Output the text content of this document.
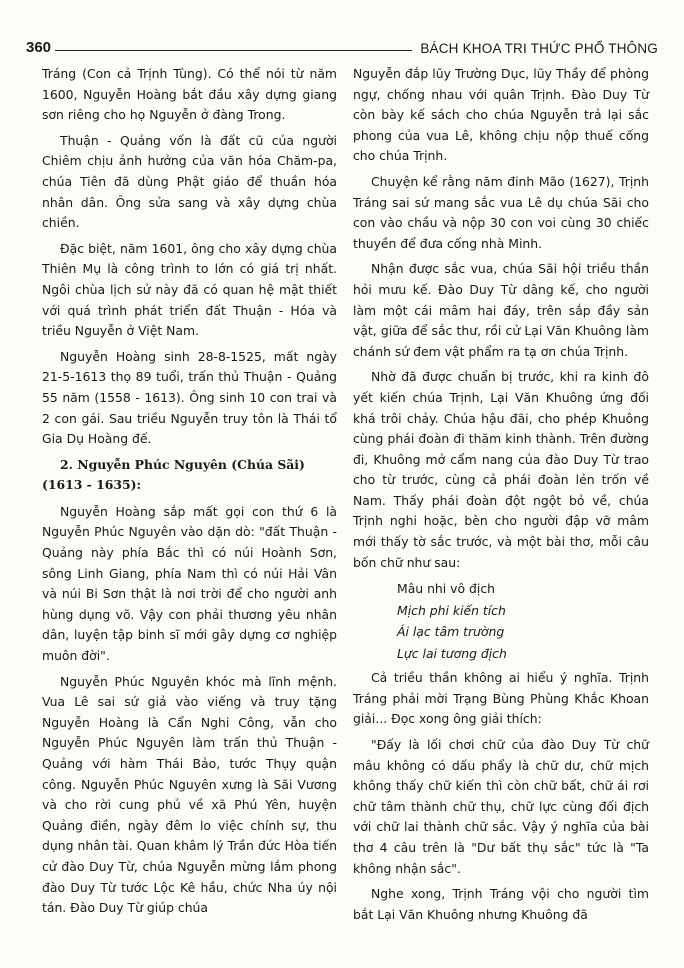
360	BÁCH KHOA TRI THỨC PHỔ THÔNG

Tráng (Con cả Trịnh Tùng). Có thể nói từ năm 1600, Nguyễn Hoàng bắt đầu xây dựng giang sơn riêng cho họ Nguyễn ở đàng Trong.

Thuận - Quảng vốn là đất cũ của người Chiêm chịu ảnh hưởng của văn hóa Chăm-pa, chúa Tiên đã dùng Phật giáo để thuần hóa nhân dân. Ông sửa sang và xây dựng chùa chiền.

Đặc biệt, năm 1601, ông cho xây dựng chùa Thiên Mụ là công trình to lớn có giá trị nhất. Ngôi chùa lịch sử này đã có quan hệ mật thiết với quá trình phát triển đất Thuận - Hóa và triều Nguyễn ở Việt Nam.

Nguyễn Hoàng sinh 28-8-1525, mất ngày 21-5-1613 thọ 89 tuổi, trấn thủ Thuận - Quảng 55 năm (1558 - 1613). Ông sinh 10 con trai và 2 con gái. Sau triều Nguyễn truy tôn là Thái tổ Gia Dụ Hoàng đế.

2. Nguyễn Phúc Nguyên (Chúa Sãi) (1613 - 1635):

Nguyễn Hoàng sắp mất gọi con thứ 6 là Nguyễn Phúc Nguyên vào dặn dò: "đất Thuận - Quảng này phía Bắc thì có núi Hoành Sơn, sông Linh Giang, phía Nam thì có núi Hải Vân và núi Bi Sơn thật là nơi trời để cho người anh hùng dụng võ. Vậy con phải thương yêu nhân dân, luyện tập binh sĩ mới gây dựng cơ nghiệp muôn đời".

Nguyễn Phúc Nguyên khóc mà lĩnh mệnh. Vua Lê sai sứ giả vào viếng và truy tặng Nguyễn Hoàng là Cẩn Nghi Công, vẫn cho Nguyễn Phúc Nguyên làm trấn thủ Thuận - Quảng với hàm Thái Bảo, tước Thụy quận công. Nguyễn Phúc Nguyên xưng là Sãi Vương và cho rời cung phủ về xã Phú Yên, huyện Quảng điền, ngày đêm lo việc chính sự, thu dụng nhân tài. Quan khâm lý Trần đức Hòa tiến cử đào Duy Từ, chúa Nguyễn mừng lắm phong đào Duy Từ tước Lộc Kê hầu, chức Nha úy nội tán. Đào Duy Từ giúp chúa

Nguyễn đắp lũy Trường Dục, lũy Thầy để phòng ngự, chống nhau với quân Trịnh. Đào Duy Từ còn bày kế sách cho chúa Nguyễn trả lại sắc phong của vua Lê, không chịu nộp thuế cống cho chúa Trịnh.

Chuyện kể rằng năm đinh Mão (1627), Trịnh Tráng sai sứ mang sắc vua Lê dụ chúa Sãi cho con vào chầu và nộp 30 con voi cùng 30 chiếc thuyền để đưa cống nhà Minh.

Nhận được sắc vua, chúa Sãi hội triều thần hỏi mưu kế. Đào Duy Từ dâng kế, cho người làm một cái mâm hai đáy, trên sắp đầy sản vật, giữa để sắc thư, rồi cử Lại Văn Khuông làm chánh sứ đem vật phẩm ra tạ ơn chúa Trịnh.

Nhờ đã được chuẩn bị trước, khi ra kinh đô yết kiến chúa Trịnh, Lại Văn Khuông ứng đối khá trôi chảy. Chúa hậu đãi, cho phép Khuông cùng phái đoàn đi thăm kinh thành. Trên đường đi, Khuông mở cẩm nang của đào Duy Từ trao cho từ trước, cùng cả phái đoàn lẻn trốn về Nam. Thấy phái đoàn đột ngột bỏ về, chúa Trịnh nghi hoặc, bèn cho người đập vỡ mâm mới thấy tờ sắc trước, và một bài thơ, mỗi câu bốn chữ như sau:

Mâu nhi vô địch
Mịch phi kiến tích
Ái lạc tâm trường
Lực lai tương địch

Cả triều thần không ai hiểu ý nghĩa. Trịnh Tráng phải mời Trạng Bùng Phùng Khắc Khoan giải... Đọc xong ông giải thích:

"Đấy là lối chơi chữ của đào Duy Từ chữ mâu không có dấu phẩy là chữ dư, chữ mịch không thấy chữ kiến thì còn chữ bất, chữ ái rơi chữ tâm thành chữ thụ, chữ lực cùng đối địch với chữ lai thành chữ sắc. Vậy ý nghĩa của bài thơ 4 câu trên là "Dư bất thụ sắc" tức là "Ta không nhận sắc".

Nghe xong, Trịnh Tráng vội cho người tìm bắt Lại Văn Khuông nhưng Khuông đã
